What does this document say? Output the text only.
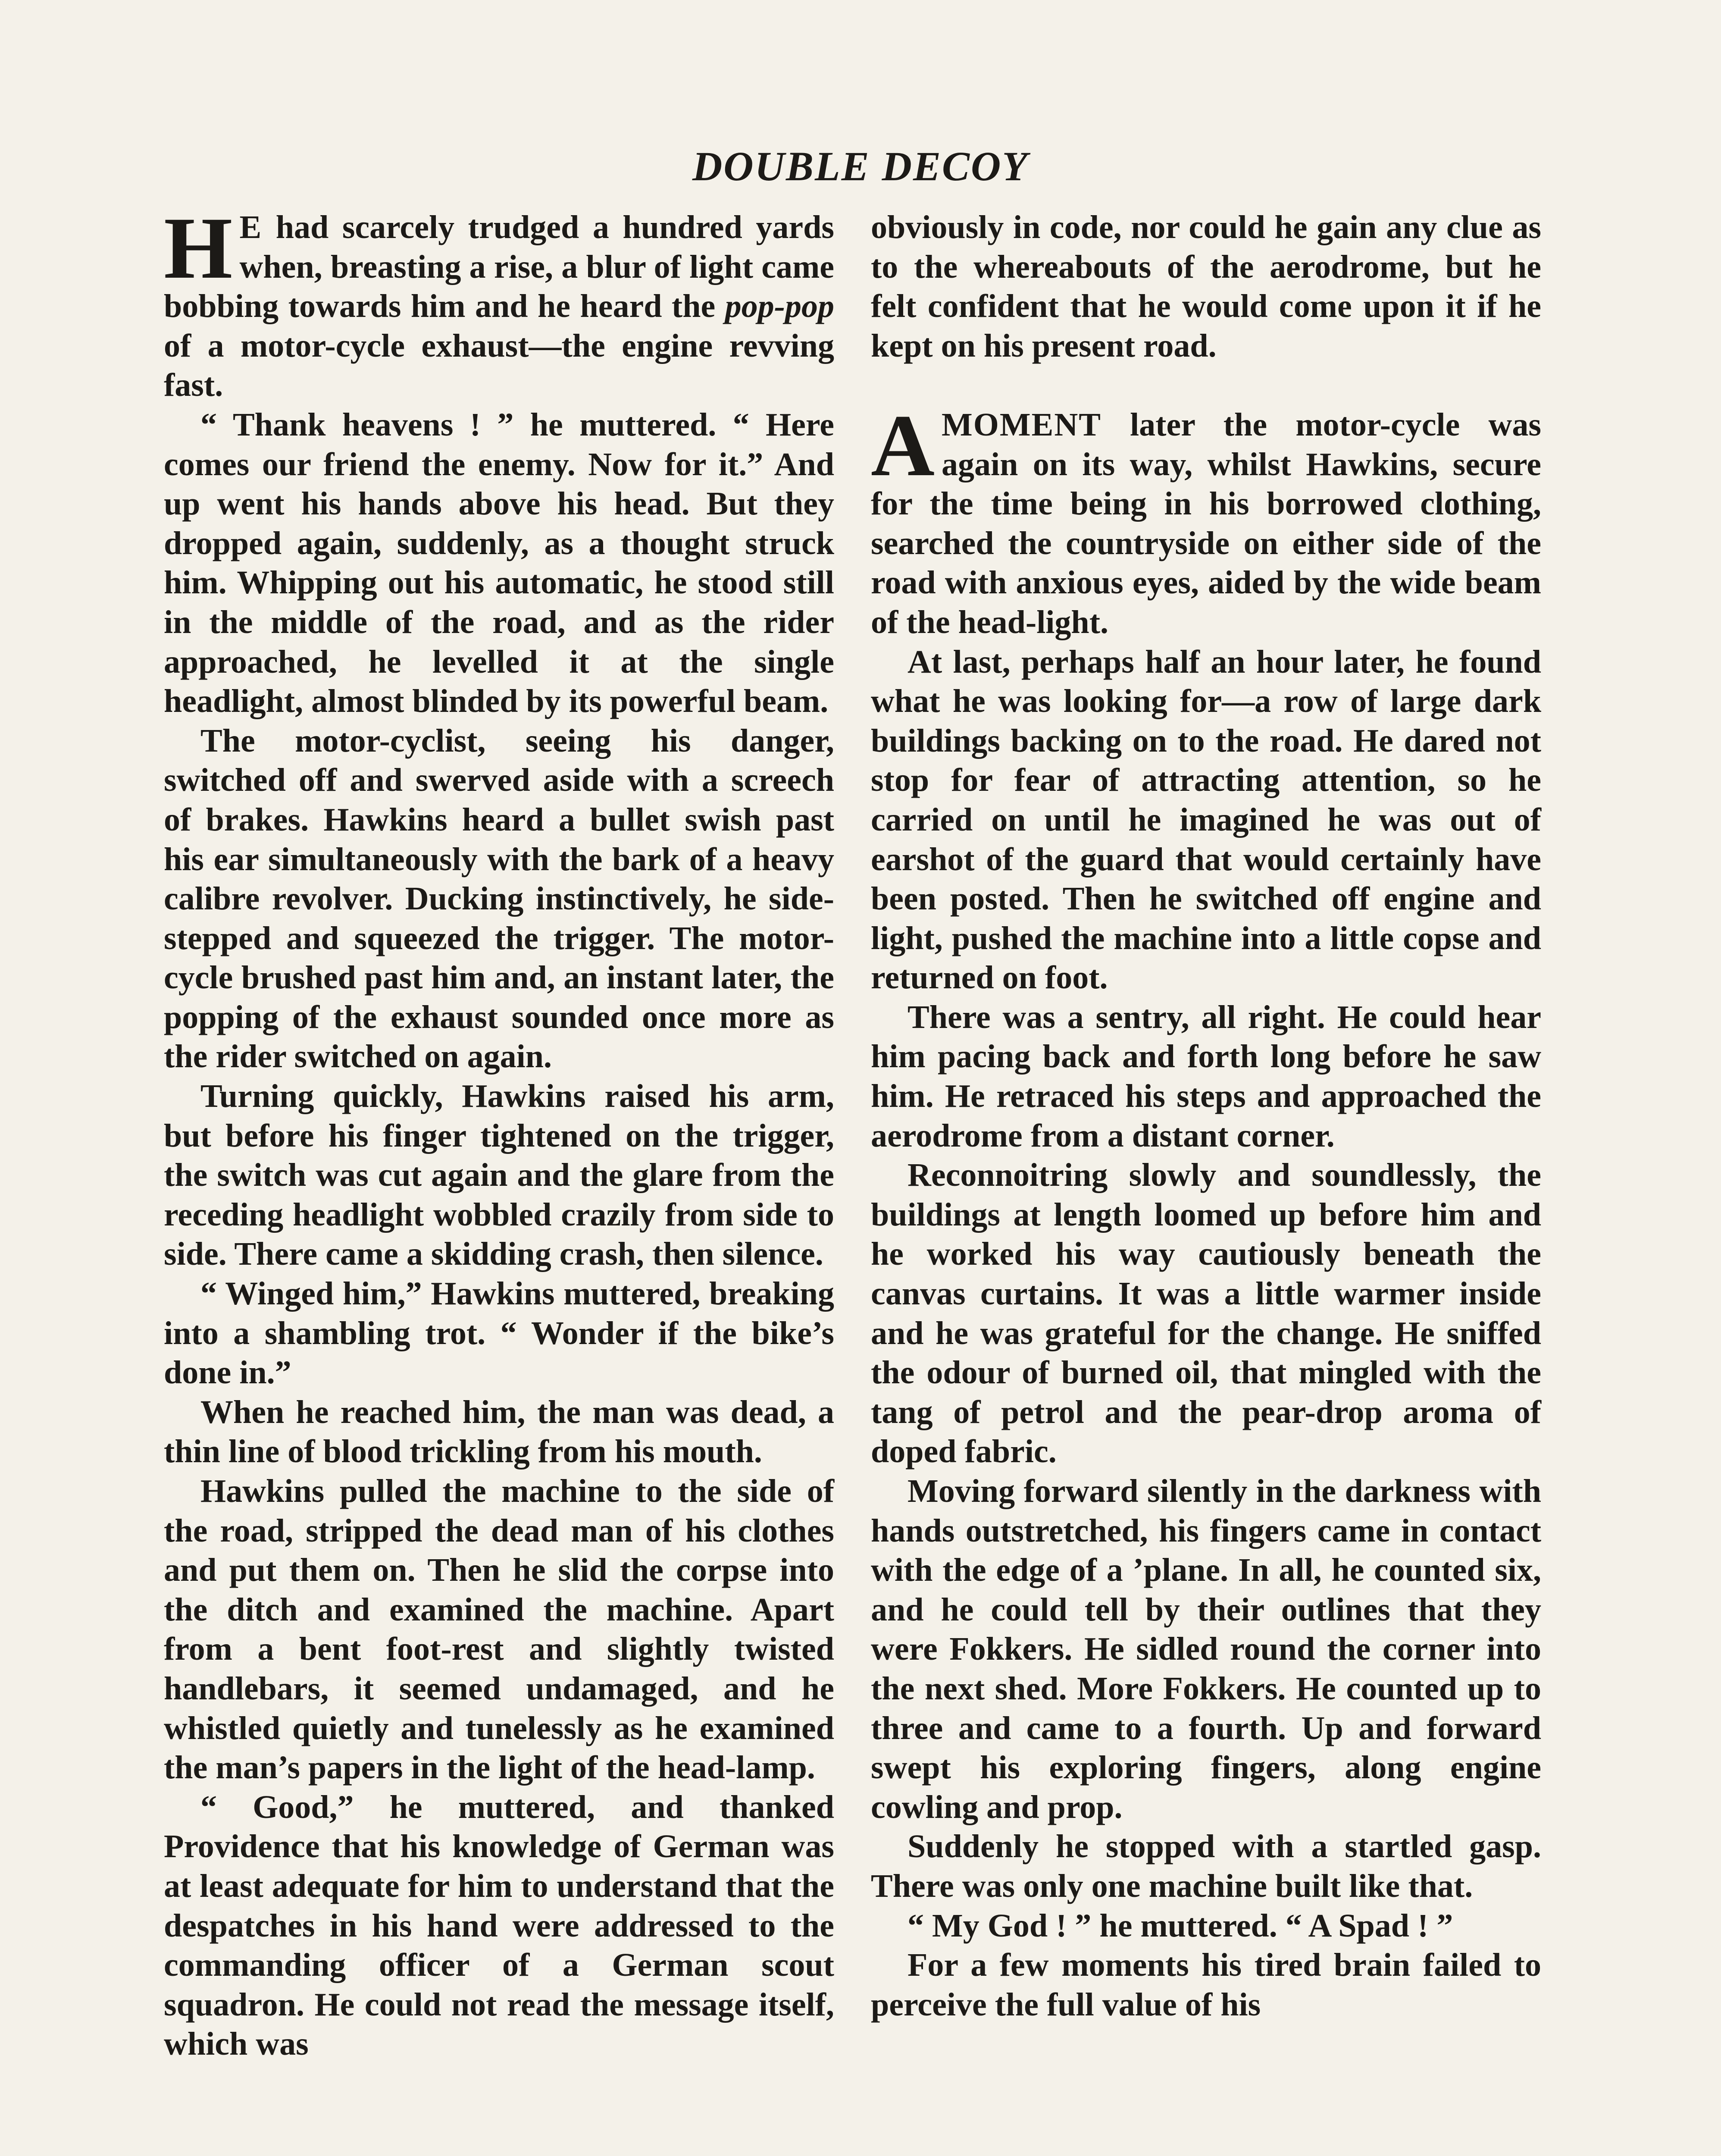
DOUBLE DECOY

H E had scarcely trudged a hundred yards when, breasting a rise, a blur of light came bobbing towards him and he heard the pop-pop of a motor-cycle exhaust—the engine revving fast.

“ Thank heavens ! ” he muttered. “ Here comes our friend the enemy. Now for it.” And up went his hands above his head. But they dropped again, suddenly, as a thought struck him. Whipping out his automatic, he stood still in the middle of the road, and as the rider approached, he levelled it at the single headlight, almost blinded by its powerful beam.

The motor-cyclist, seeing his danger, switched off and swerved aside with a screech of brakes. Hawkins heard a bullet swish past his ear simultaneously with the bark of a heavy calibre revolver. Ducking instinctively, he side-stepped and squeezed the trigger. The motor-cycle brushed past him and, an instant later, the popping of the exhaust sounded once more as the rider switched on again.

Turning quickly, Hawkins raised his arm, but before his finger tightened on the trigger, the switch was cut again and the glare from the receding headlight wobbled crazily from side to side. There came a skidding crash, then silence.

“ Winged him,” Hawkins muttered, breaking into a shambling trot. “ Wonder if the bike’s done in.”

When he reached him, the man was dead, a thin line of blood trickling from his mouth.

Hawkins pulled the machine to the side of the road, stripped the dead man of his clothes and put them on. Then he slid the corpse into the ditch and examined the machine. Apart from a bent foot-rest and slightly twisted handlebars, it seemed undamaged, and he whistled quietly and tunelessly as he examined the man’s papers in the light of the head-lamp.

“ Good,” he muttered, and thanked Providence that his knowledge of German was at least adequate for him to understand that the despatches in his hand were addressed to the commanding officer of a German scout squadron. He could not read the message itself, which was

obviously in code, nor could he gain any clue as to the whereabouts of the aerodrome, but he felt confident that he would come upon it if he kept on his present road.

AMOMENT later the motor-cycle was again on its way, whilst Hawkins, secure for the time being in his borrowed clothing, searched the countryside on either side of the road with anxious eyes, aided by the wide beam of the head-light.

At last, perhaps half an hour later, he found what he was looking for—a row of large dark buildings backing on to the road. He dared not stop for fear of attracting attention, so he carried on until he imagined he was out of earshot of the guard that would certainly have been posted. Then he switched off engine and light, pushed the machine into a little copse and returned on foot.

There was a sentry, all right. He could hear him pacing back and forth long before he saw him. He retraced his steps and approached the aerodrome from a distant corner.

Reconnoitring slowly and soundlessly, the buildings at length loomed up before him and he worked his way cautiously beneath the canvas curtains. It was a little warmer inside and he was grateful for the change. He sniffed the odour of burned oil, that mingled with the tang of petrol and the pear-drop aroma of doped fabric.

Moving forward silently in the darkness with hands outstretched, his fingers came in contact with the edge of a ’plane. In all, he counted six, and he could tell by their outlines that they were Fokkers. He sidled round the corner into the next shed. More Fokkers. He counted up to three and came to a fourth. Up and forward swept his exploring fingers, along engine cowling and prop.

Suddenly he stopped with a startled gasp. There was only one machine built like that.

“ My God ! ” he muttered. “ A Spad ! ”

For a few moments his tired brain failed to perceive the full value of his
